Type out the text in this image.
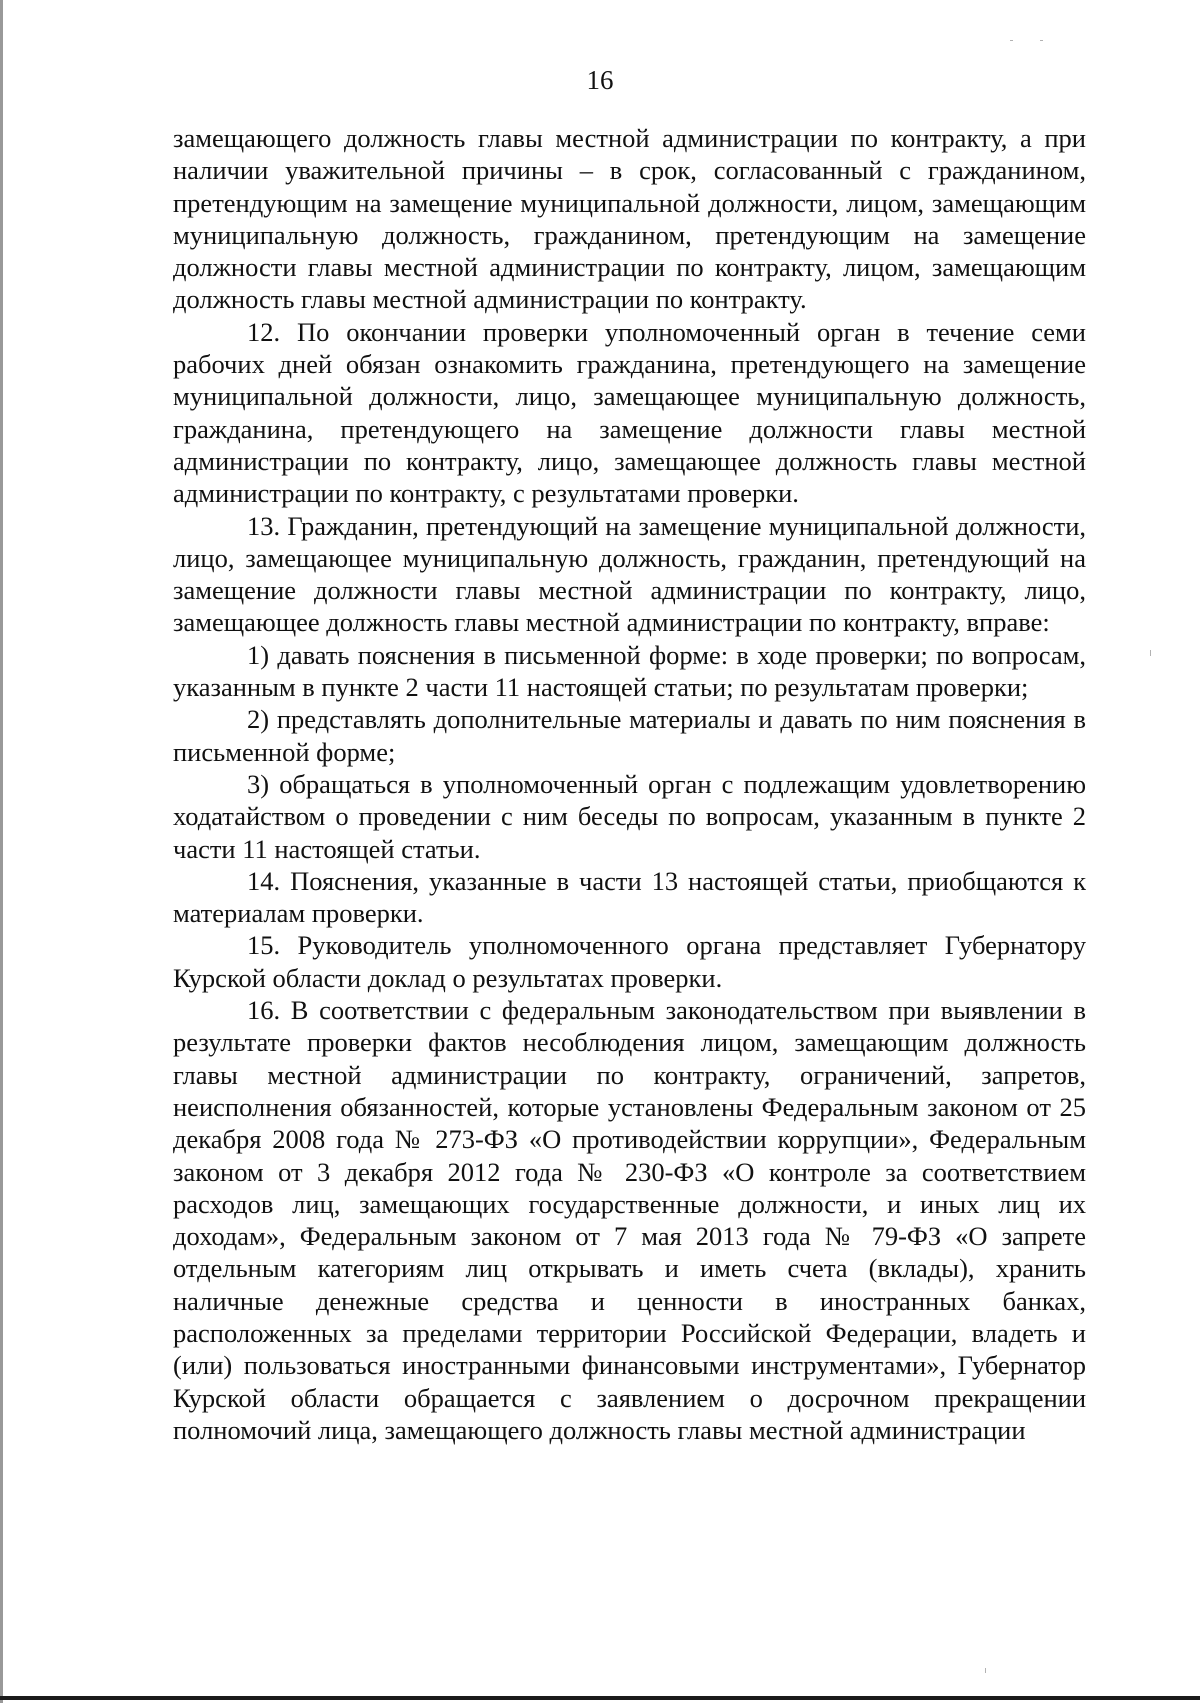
16

замещающего должность главы местной администрации по контракту, а при наличии уважительной причины – в срок, согласованный с гражданином, претендующим на замещение муниципальной должности, лицом, замещающим муниципальную должность, гражданином, претендующим на замещение должности главы местной администрации по контракту, лицом, замещающим должность главы местной администрации по контракту.

12. По окончании проверки уполномоченный орган в течение семи рабочих дней обязан ознакомить гражданина, претендующего на замещение муниципальной должности, лицо, замещающее муниципальную должность, гражданина, претендующего на замещение должности главы местной администрации по контракту, лицо, замещающее должность главы местной администрации по контракту, с результатами проверки.

13. Гражданин, претендующий на замещение муниципальной должности, лицо, замещающее муниципальную должность, гражданин, претендующий на замещение должности главы местной администрации по контракту, лицо, замещающее должность главы местной администрации по контракту, вправе:

1) давать пояснения в письменной форме: в ходе проверки; по вопросам, указанным в пункте 2 части 11 настоящей статьи; по результатам проверки;

2) представлять дополнительные материалы и давать по ним пояснения в письменной форме;

3) обращаться в уполномоченный орган с подлежащим удовлетворению ходатайством о проведении с ним беседы по вопросам, указанным в пункте 2 части 11 настоящей статьи.

14. Пояснения, указанные в части 13 настоящей статьи, приобщаются к материалам проверки.

15. Руководитель уполномоченного органа представляет Губернатору Курской области доклад о результатах проверки.

16. В соответствии с федеральным законодательством при выявлении в результате проверки фактов несоблюдения лицом, замещающим должность главы местной администрации по контракту, ограничений, запретов, неисполнения обязанностей, которые установлены Федеральным законом от 25 декабря 2008 года № 273-ФЗ «О противодействии коррупции», Федеральным законом от 3 декабря 2012 года № 230-ФЗ «О контроле за соответствием расходов лиц, замещающих государственные должности, и иных лиц их доходам», Федеральным законом от 7 мая 2013 года № 79-ФЗ «О запрете отдельным категориям лиц открывать и иметь счета (вклады), хранить наличные денежные средства и ценности в иностранных банках, расположенных за пределами территории Российской Федерации, владеть и (или) пользоваться иностранными финансовыми инструментами», Губернатор Курской области обращается с заявлением о досрочном прекращении полномочий лица, замещающего должность главы местной администрации
